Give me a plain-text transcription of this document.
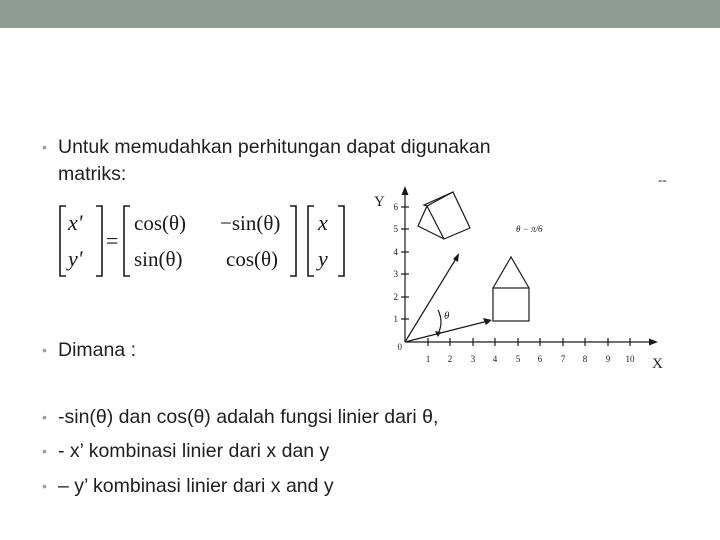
• Untuk memudahkan perhitungan dapat digunakan
matriks:
x'
y'
=
cos(θ) −sin(θ)
sin(θ) cos(θ)
x
y
Y
X
0
1 2 3 4 5 6 7 8 9 10
1
2
3
4
5
6
θ
θ − π/6
--
• Dimana :
• -sin(θ) dan cos(θ) adalah fungsi linier dari θ,
• - x’ kombinasi linier dari x dan y
• – y’ kombinasi linier dari x and y
